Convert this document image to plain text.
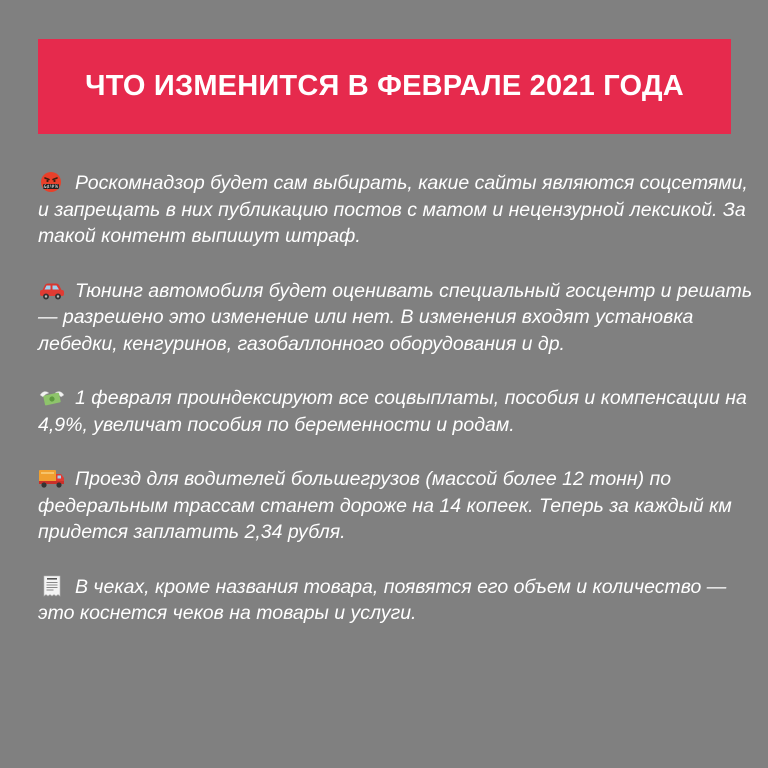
ЧТО ИЗМЕНИТСЯ В ФЕВРАЛЕ 2021 ГОДА

&$!#% Роскомнадзор будет сам выбирать, какие сайты являются соцсетями, и запрещать в них публикацию постов с матом и нецензурной лексикой. За такой контент выпишут штраф.

Тюнинг автомобиля будет оценивать специальный госцентр и решать — разрешено это изменение или нет. В изменения входят установка лебедки, кенгуринов, газобаллонного оборудования и др.

1 февраля проиндексируют все соцвыплаты, пособия и компенсации на 4,9%, увеличат пособия по беременности и родам.

Проезд для водителей большегрузов (массой более 12 тонн) по федеральным трассам станет дороже на 14 копеек. Теперь за каждый км придется заплатить 2,34 рубля.

В чеках, кроме названия товара, появятся его объем и количество — это коснется чеков на товары и услуги.
